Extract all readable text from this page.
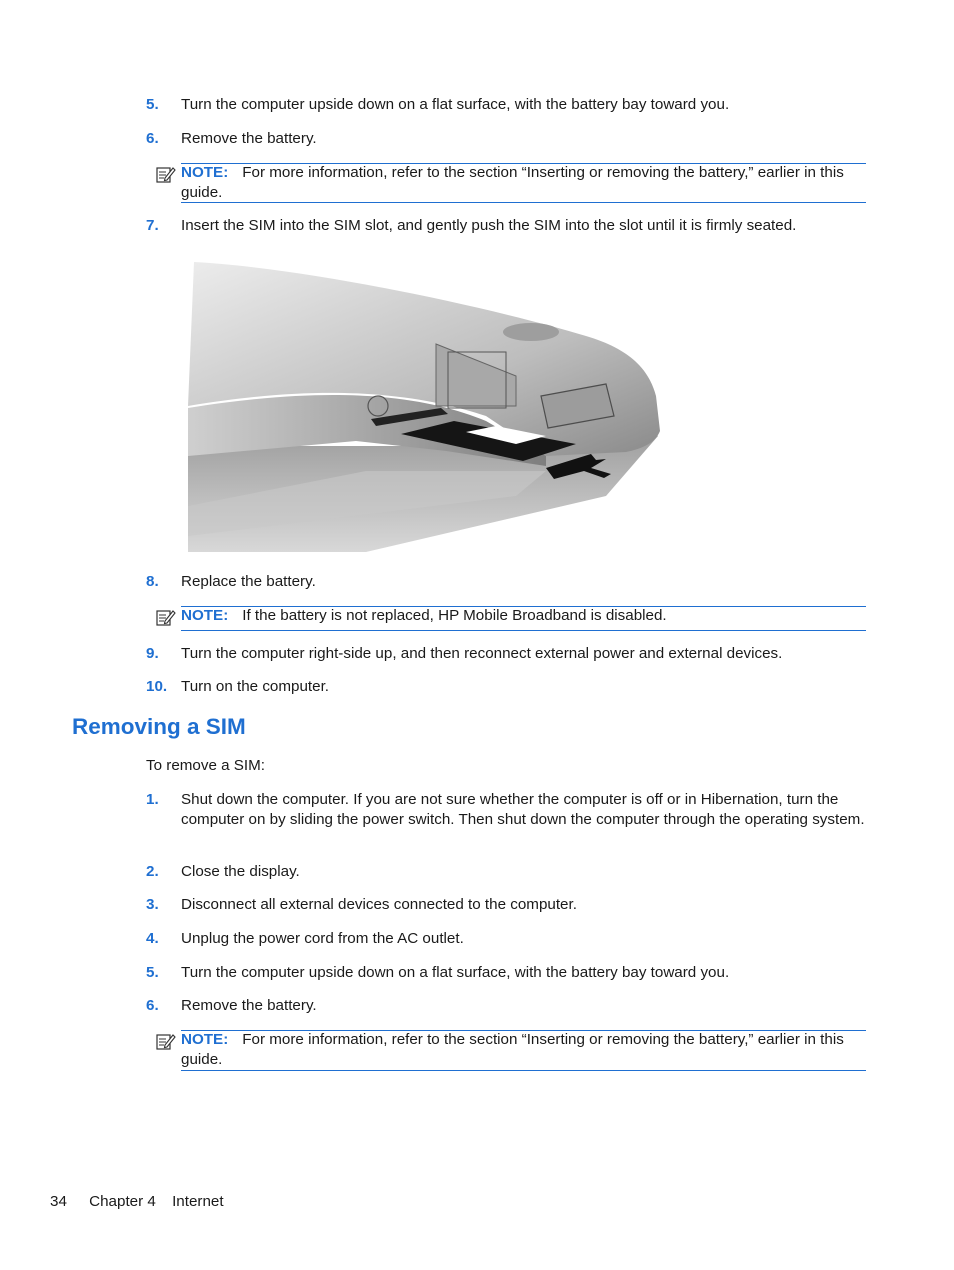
5.	Turn the computer upside down on a flat surface, with the battery bay toward you.
6.	Remove the battery.
NOTE: For more information, refer to the section “Inserting or removing the battery,” earlier in this guide.
7.	Insert the SIM into the SIM slot, and gently push the SIM into the slot until it is firmly seated.
8.	Replace the battery.
NOTE: If the battery is not replaced, HP Mobile Broadband is disabled.
9.	Turn the computer right-side up, and then reconnect external power and external devices.
10. Turn on the computer.
Removing a SIM
To remove a SIM:
1.	Shut down the computer. If you are not sure whether the computer is off or in Hibernation, turn the computer on by sliding the power switch. Then shut down the computer through the operating system.
2.	Close the display.
3.	Disconnect all external devices connected to the computer.
4.	Unplug the power cord from the AC outlet.
5.	Turn the computer upside down on a flat surface, with the battery bay toward you.
6.	Remove the battery.
NOTE: For more information, refer to the section “Inserting or removing the battery,” earlier in this guide.
34 Chapter 4 Internet
